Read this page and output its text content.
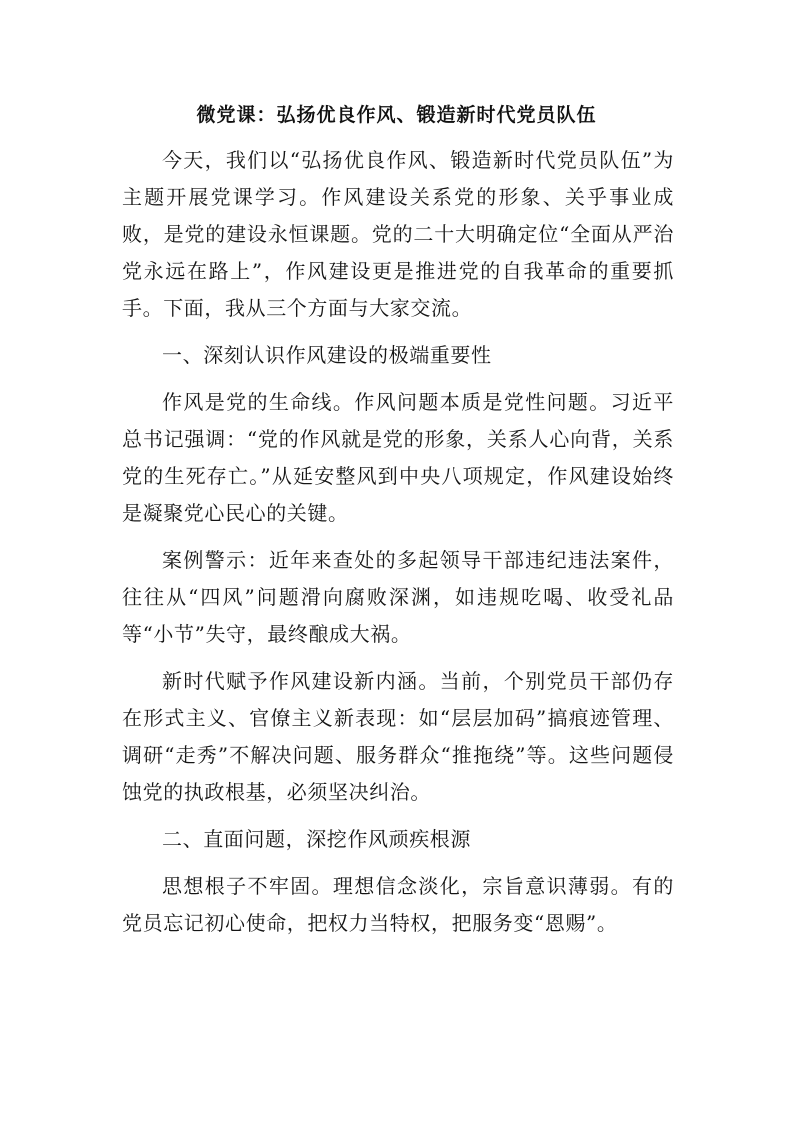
微党课：弘扬优良作风、锻造新时代党员队伍

今天，我们以“弘扬优良作风、锻造新时代党员队伍”为主题开展党课学习。作风建设关系党的形象、关乎事业成败，是党的建设永恒课题。党的二十大明确定位“全面从严治党永远在路上”，作风建设更是推进党的自我革命的重要抓手。下面，我从三个方面与大家交流。

一、深刻认识作风建设的极端重要性

作风是党的生命线。作风问题本质是党性问题。习近平总书记强调：“党的作风就是党的形象，关系人心向背，关系党的生死存亡。”从延安整风到中央八项规定，作风建设始终是凝聚党心民心的关键。

案例警示：近年来查处的多起领导干部违纪违法案件，往往从“四风”问题滑向腐败深渊，如违规吃喝、收受礼品等“小节”失守，最终酿成大祸。

新时代赋予作风建设新内涵。当前，个别党员干部仍存在形式主义、官僚主义新表现：如“层层加码”搞痕迹管理、调研“走秀”不解决问题、服务群众“推拖绕”等。这些问题侵蚀党的执政根基，必须坚决纠治。

二、直面问题，深挖作风顽疾根源

思想根子不牢固。理想信念淡化，宗旨意识薄弱。有的党员忘记初心使命，把权力当特权，把服务变“恩赐”。
